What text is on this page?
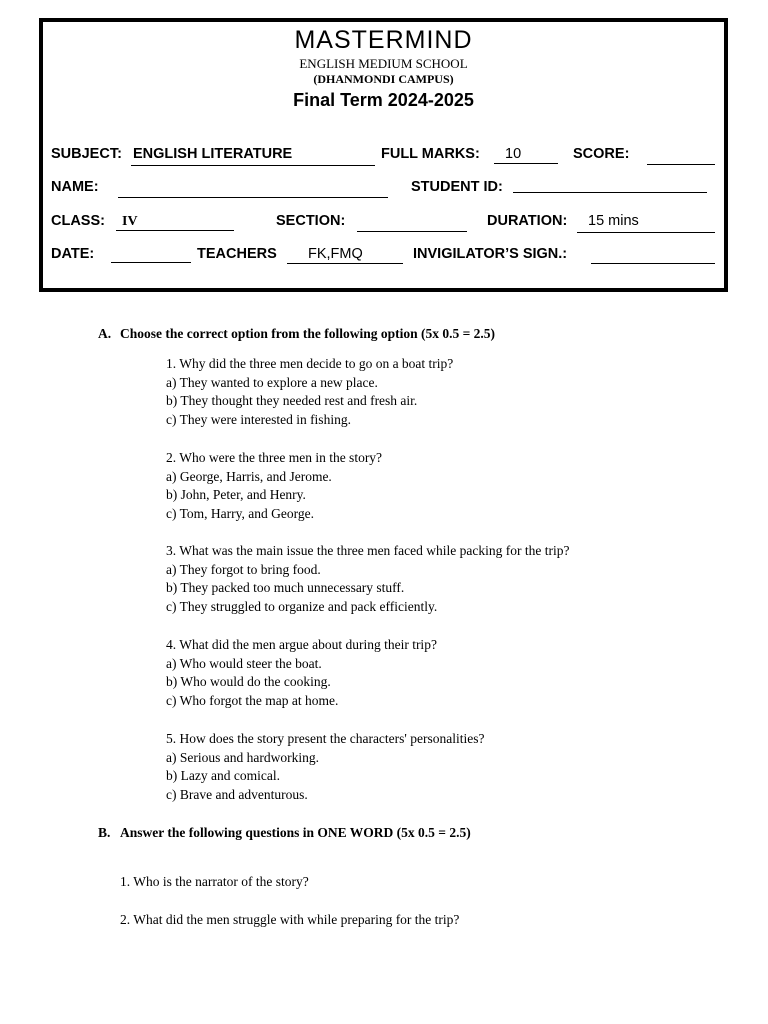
MASTERMIND
ENGLISH MEDIUM SCHOOL
(DHANMONDI CAMPUS)
Final Term 2024-2025
SUBJECT: ENGLISH LITERATURE	FULL MARKS: 10	SCORE:
NAME:	STUDENT ID:
CLASS: IV	SECTION:	DURATION: 15 mins
DATE:	TEACHERS FK,FMQ	INVIGILATOR’S SIGN.:
A. Choose the correct option from the following option (5x 0.5 = 2.5)
1. Why did the three men decide to go on a boat trip?
a) They wanted to explore a new place.
b) They thought they needed rest and fresh air.
c) They were interested in fishing.
2. Who were the three men in the story?
a) George, Harris, and Jerome.
b) John, Peter, and Henry.
c) Tom, Harry, and George.
3. What was the main issue the three men faced while packing for the trip?
a) They forgot to bring food.
b) They packed too much unnecessary stuff.
c) They struggled to organize and pack efficiently.
4. What did the men argue about during their trip?
a) Who would steer the boat.
b) Who would do the cooking.
c) Who forgot the map at home.
5. How does the story present the characters' personalities?
a) Serious and hardworking.
b) Lazy and comical.
c) Brave and adventurous.
B. Answer the following questions in ONE WORD (5x 0.5 = 2.5)
1. Who is the narrator of the story?
2. What did the men struggle with while preparing for the trip?
